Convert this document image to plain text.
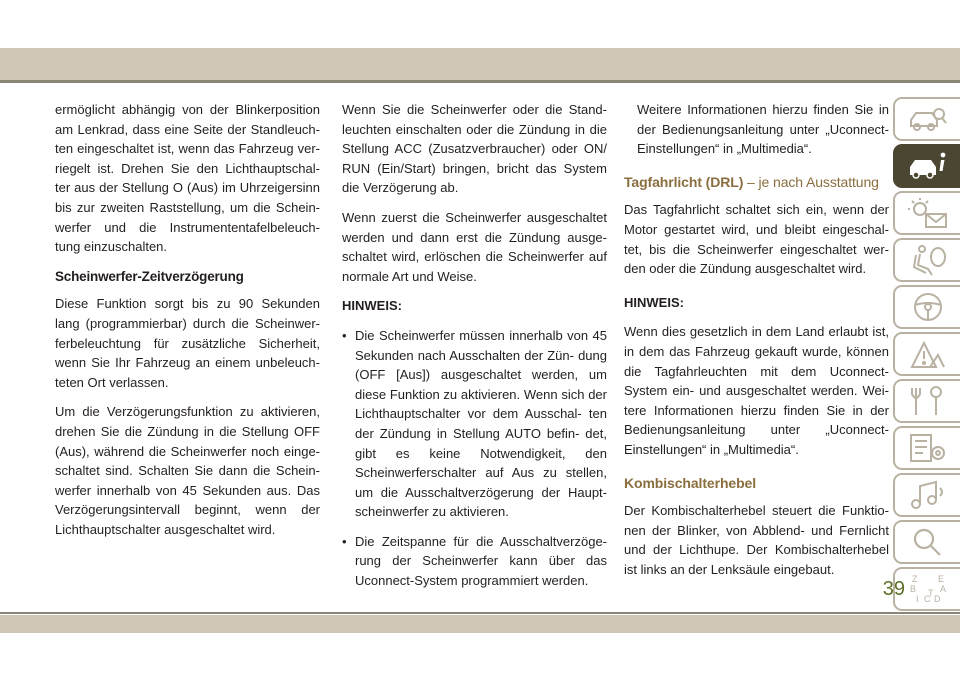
ermöglicht abhängig von der Blinkerposition am Lenkrad, dass eine Seite der Standleuch- ten eingeschaltet ist, wenn das Fahrzeug ver- riegelt ist. Drehen Sie den Lichthauptschal- ter aus der Stellung O (Aus) im Uhrzeigersinn bis zur zweiten Raststellung, um die Schein- werfer und die Instrumententafelbeleuch- tung einzuschalten.

Scheinwerfer-Zeitverzögerung

Diese Funktion sorgt bis zu 90 Sekunden lang (programmierbar) durch die Scheinwer- ferbeleuchtung für zusätzliche Sicherheit, wenn Sie Ihr Fahrzeug an einem unbeleuch- teten Ort verlassen.

Um die Verzögerungsfunktion zu aktivieren, drehen Sie die Zündung in die Stellung OFF (Aus), während die Scheinwerfer noch einge- schaltet sind. Schalten Sie dann die Schein- werfer innerhalb von 45 Sekunden aus. Das Verzögerungsintervall beginnt, wenn der Lichthauptschalter ausgeschaltet wird.

Wenn Sie die Scheinwerfer oder die Stand- leuchten einschalten oder die Zündung in die Stellung ACC (Zusatzverbraucher) oder ON/ RUN (Ein/Start) bringen, bricht das System die Verzögerung ab.

Wenn zuerst die Scheinwerfer ausgeschaltet werden und dann erst die Zündung ausge- schaltet wird, erlöschen die Scheinwerfer auf normale Art und Weise.

HINWEIS:

• Die Scheinwerfer müssen innerhalb von 45 Sekunden nach Ausschalten der Zün- dung (OFF [Aus]) ausgeschaltet werden, um diese Funktion zu aktivieren. Wenn sich der Lichthauptschalter vor dem Ausschal- ten der Zündung in Stellung AUTO befin- det, gibt es keine Notwendigkeit, den Scheinwerferschalter auf Aus zu stellen, um die Ausschaltverzögerung der Haupt- scheinwerfer zu aktivieren.
• Die Zeitspanne für die Ausschaltverzöge- rung der Scheinwerfer kann über das Uconnect-System programmiert werden.

Weitere Informationen hierzu finden Sie in der Bedienungsanleitung unter „Uconnect- Einstellungen“ in „Multimedia“.

Tagfahrlicht (DRL) – je nach Ausstattung

Das Tagfahrlicht schaltet sich ein, wenn der Motor gestartet wird, und bleibt eingeschal- tet, bis die Scheinwerfer eingeschaltet wer- den oder die Zündung ausgeschaltet wird.

HINWEIS:

Wenn dies gesetzlich in dem Land erlaubt ist, in dem das Fahrzeug gekauft wurde, können die Tagfahrleuchten mit dem Uconnect- System ein- und ausgeschaltet werden. Wei- tere Informationen hierzu finden Sie in der Bedienungsanleitung unter „Uconnect- Einstellungen“ in „Multimedia“.

Kombischalterhebel

Der Kombischalterhebel steuert die Funktio- nen der Blinker, von Abblend- und Fernlicht und der Lichthupe. Der Kombischalterhebel ist links an der Lenksäule eingebaut.

Z E
B	A
I C D
T
39
